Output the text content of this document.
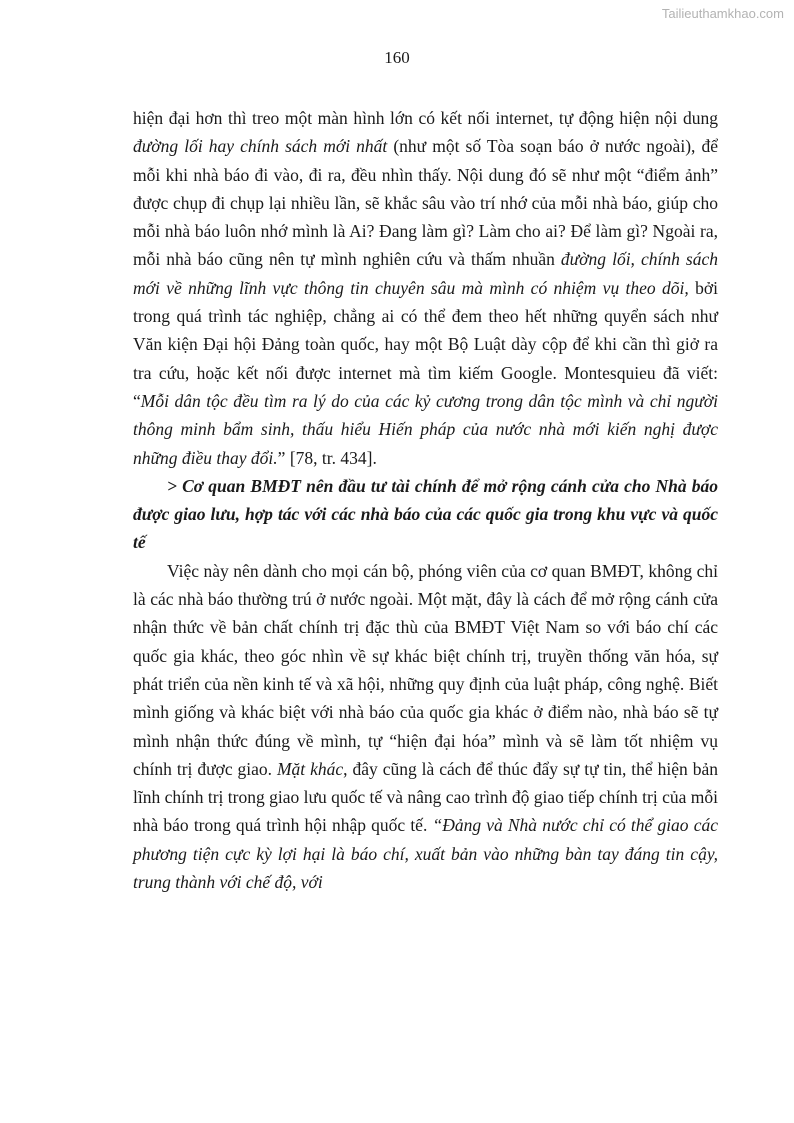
Tailieuthamkhao.com
160

hiện đại hơn thì treo một màn hình lớn có kết nối internet, tự động hiện nội dung đường lối hay chính sách mới nhất (như một số Tòa soạn báo ở nước ngoài), để mỗi khi nhà báo đi vào, đi ra, đều nhìn thấy. Nội dung đó sẽ như một “điểm ảnh” được chụp đi chụp lại nhiều lần, sẽ khắc sâu vào trí nhớ của mỗi nhà báo, giúp cho mỗi nhà báo luôn nhớ mình là Ai? Đang làm gì? Làm cho ai? Để làm gì? Ngoài ra, mỗi nhà báo cũng nên tự mình nghiên cứu và thấm nhuần đường lối, chính sách mới về những lĩnh vực thông tin chuyên sâu mà mình có nhiệm vụ theo dõi, bởi trong quá trình tác nghiệp, chẳng ai có thể đem theo hết những quyển sách như Văn kiện Đại hội Đảng toàn quốc, hay một Bộ Luật dày cộp để khi cần thì giở ra tra cứu, hoặc kết nối được internet mà tìm kiếm Google. Montesquieu đã viết: “Mỗi dân tộc đều tìm ra lý do của các kỷ cương trong dân tộc mình và chỉ người thông minh bẩm sinh, thấu hiểu Hiến pháp của nước nhà mới kiến nghị được những điều thay đổi.” [78, tr. 434].

> Cơ quan BMĐT nên đầu tư tài chính để mở rộng cánh cửa cho Nhà báo được giao lưu, hợp tác với các nhà báo của các quốc gia trong khu vực và quốc tế

Việc này nên dành cho mọi cán bộ, phóng viên của cơ quan BMĐT, không chỉ là các nhà báo thường trú ở nước ngoài. Một mặt, đây là cách để mở rộng cánh cửa nhận thức về bản chất chính trị đặc thù của BMĐT Việt Nam so với báo chí các quốc gia khác, theo góc nhìn về sự khác biệt chính trị, truyền thống văn hóa, sự phát triển của nền kinh tế và xã hội, những quy định của luật pháp, công nghệ. Biết mình giống và khác biệt với nhà báo của quốc gia khác ở điểm nào, nhà báo sẽ tự mình nhận thức đúng về mình, tự “hiện đại hóa” mình và sẽ làm tốt nhiệm vụ chính trị được giao. Mặt khác, đây cũng là cách để thúc đẩy sự tự tin, thể hiện bản lĩnh chính trị trong giao lưu quốc tế và nâng cao trình độ giao tiếp chính trị của mỗi nhà báo trong quá trình hội nhập quốc tế. “Đảng và Nhà nước chỉ có thể giao các phương tiện cực kỳ lợi hại là báo chí, xuất bản vào những bàn tay đáng tin cậy, trung thành với chế độ, với
